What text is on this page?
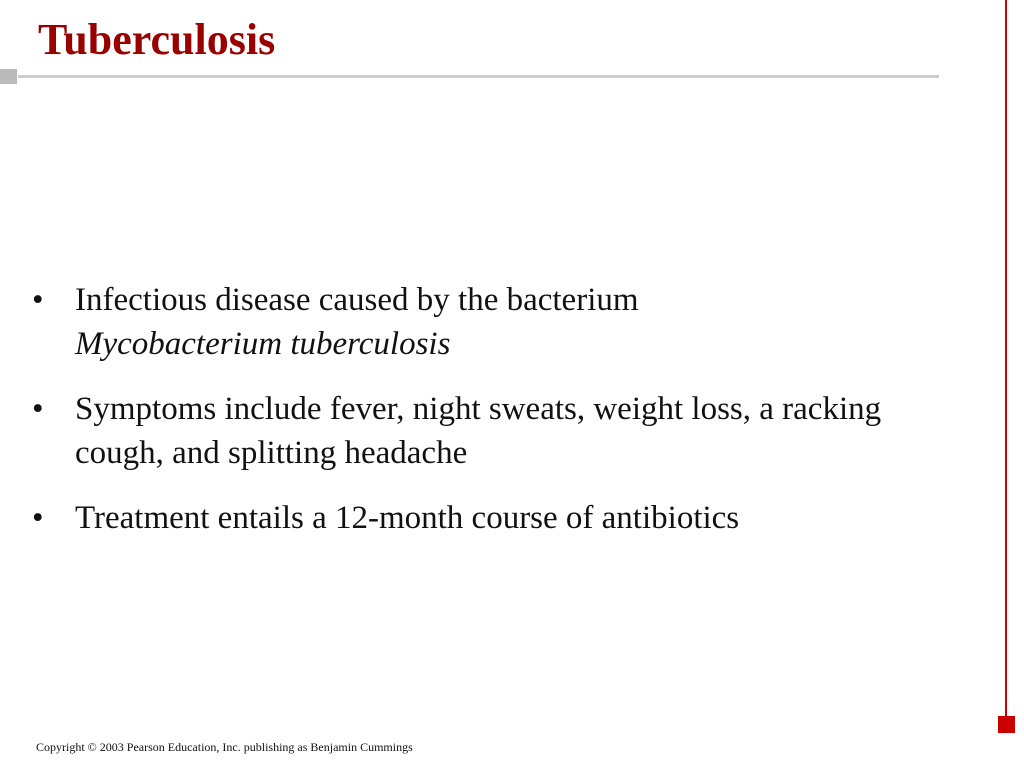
Tuberculosis
• Infectious disease caused by the bacterium
Mycobacterium tuberculosis
• Symptoms include fever, night sweats, weight loss, a racking cough, and splitting headache
• Treatment entails a 12-month course of antibiotics

Copyright © 2003 Pearson Education, Inc. publishing as Benjamin Cummings
